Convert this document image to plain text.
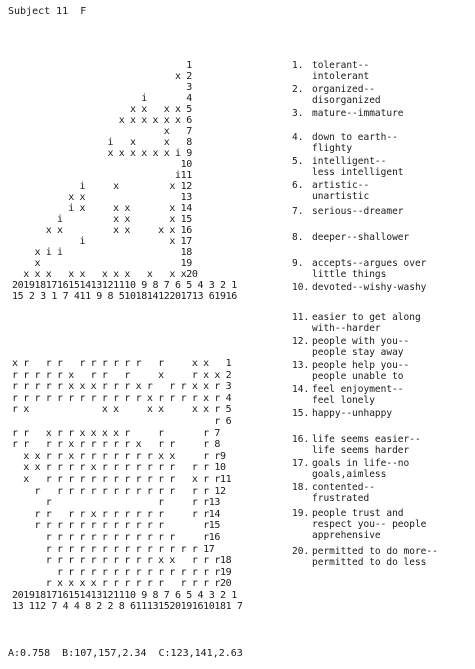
Subject 11  F
1
x 2
3
i       4
x x   x x 5
x x x x x x 6
x   7
i   x     x   8
x x x x x x i 9
10
i11
i     x         x 12
x x                 13
i x     x x       x 14
i         x x       x 15
x x         x x     x x 16
i               x 17
x i i                     18
x                         19
x x x   x x   x x x   x   x x20
2019181716151413121110 9 8 7 6 5 4 3 2 1
15 2 3 1 7 411 9 8 510181412201713 61916
x r   r r   r r r r r r   r     x x   1
r r r r r x   r r   r     x     r x x 2
r r r r r x x x r r r x r   r r x x r 3
r r r r r r r r r r r r x r r r r x r 4
r x             x x     x x     x x r 5
r 6
r r   x r r x x x x r     r       r 7
r r   r r x r r r r r x   r r     r 8
x x r r x r r r r r r r x x     r r9
x x r r r r x r r r r r r r   r r 10
x   r r r r r r r r r r r r   x r r11
r   r r r r r r r r r r r   r r 12
r                   r     r r13
r r   r r x r r r r r r     r r14
r r r r r r r r r r r r       r15
r r r r r r r r r r r r     r16
r r r r r r r r r r r r r r 17
r r r r r r r r r r x x   r r r18
r r r r r r r r r r r r r r r19
r x x x x r r r r r r   r r r r20
2019181716151413121110 9 8 7 6 5 4 3 2 1
13 112 7 4 4 8 2 2 8 611131520191610181 7
1. tolerant--
intolerant
2. organized--
disorganized
3. mature--immature
4. down to earth--
flighty
5. intelligent--
less intelligent
6. artistic--
unartistic
7. serious--dreamer
8. deeper--shallower
9. accepts--argues over
little things
10. devoted--wishy-washy
11. easier to get along
with--harder
12. people with you--
people stay away
13. people help you--
people unable to
14. feel enjoyment--
feel lonely
15. happy--unhappy
16. life seems easier--
life seems harder
17. goals in life--no
goals,aimless
18. contented--
frustrated
19. people trust and
respect you-- people
apprehensive
20. permitted to do more--
permitted to do less
A:0.758  B:107,157,2.34  C:123,141,2.63
